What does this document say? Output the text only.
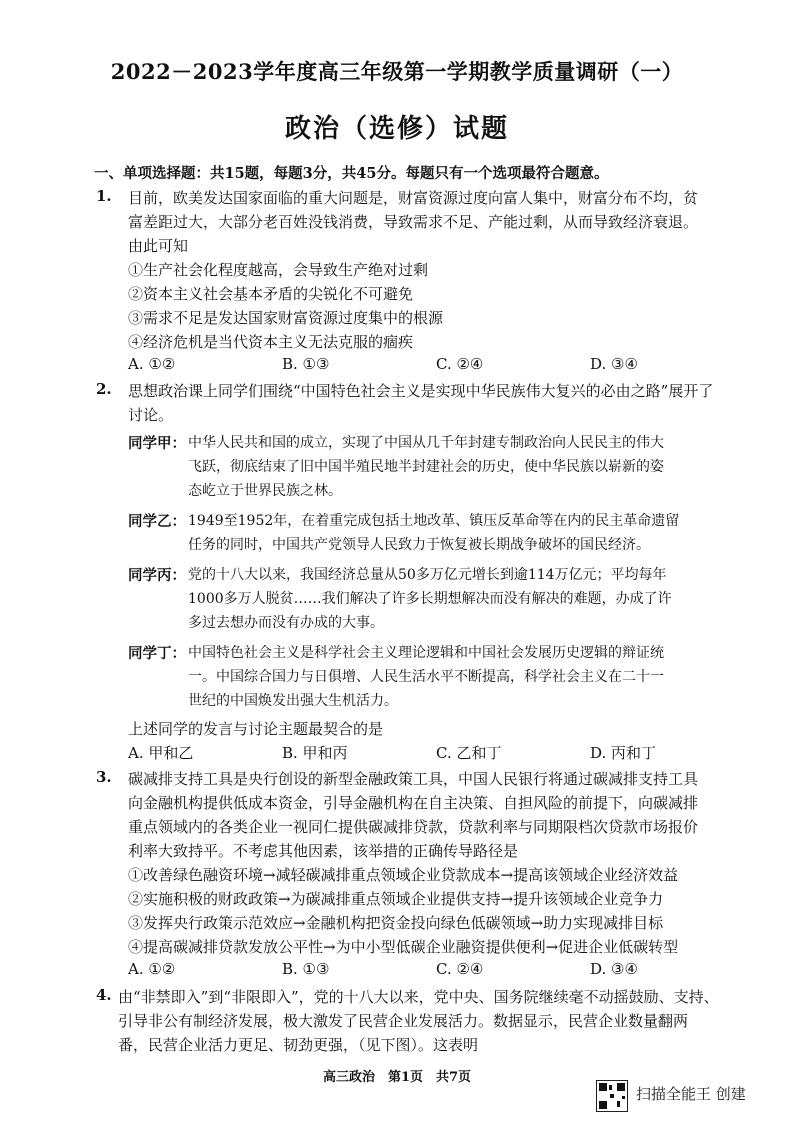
2022－2023学年度高三年级第一学期教学质量调研（一）
政治（选修）试题
一、单项选择题：共15题，每题3分，共45分。每题只有一个选项最符合题意。
1. 目前，欧美发达国家面临的重大问题是，财富资源过度向富人集中，财富分布不均，贫
富差距过大，大部分老百姓没钱消费，导致需求不足、产能过剩，从而导致经济衰退。
由此可知
①生产社会化程度越高，会导致生产绝对过剩
②资本主义社会基本矛盾的尖锐化不可避免
③需求不足是发达国家财富资源过度集中的根源
④经济危机是当代资本主义无法克服的痼疾
A. ①②	B. ①③	C. ②④	D. ③④
2. 思想政治课上同学们围绕“中国特色社会主义是实现中华民族伟大复兴的必由之路”展开了
讨论。
同学甲： 中华人民共和国的成立，实现了中国从几千年封建专制政治向人民民主的伟大
飞跃，彻底结束了旧中国半殖民地半封建社会的历史，使中华民族以崭新的姿
态屹立于世界民族之林。
同学乙： 1949至1952年，在着重完成包括土地改革、镇压反革命等在内的民主革命遗留
任务的同时，中国共产党领导人民致力于恢复被长期战争破坏的国民经济。
同学丙： 党的十八大以来，我国经济总量从50多万亿元增长到逾114万亿元；平均每年
1000多万人脱贫……我们解决了许多长期想解决而没有解决的难题，办成了许
多过去想办而没有办成的大事。
同学丁： 中国特色社会主义是科学社会主义理论逻辑和中国社会发展历史逻辑的辩证统
一。中国综合国力与日俱增、人民生活水平不断提高，科学社会主义在二十一
世纪的中国焕发出强大生机活力。
上述同学的发言与讨论主题最契合的是
A. 甲和乙	B. 甲和丙	C. 乙和丁	D. 丙和丁
3. 碳减排支持工具是央行创设的新型金融政策工具，中国人民银行将通过碳减排支持工具
向金融机构提供低成本资金，引导金融机构在自主决策、自担风险的前提下，向碳减排
重点领域内的各类企业一视同仁提供碳减排贷款，贷款利率与同期限档次贷款市场报价
利率大致持平。不考虑其他因素，该举措的正确传导路径是
①改善绿色融资环境→减轻碳减排重点领域企业贷款成本→提高该领域企业经济效益
②实施积极的财政政策→为碳减排重点领域企业提供支持→提升该领域企业竞争力
③发挥央行政策示范效应→金融机构把资金投向绿色低碳领域→助力实现减排目标
④提高碳减排贷款发放公平性→为中小型低碳企业融资提供便利→促进企业低碳转型
A. ①②	B. ①③	C. ②④	D. ③④
4. 由“非禁即入”到“非限即入”，党的十八大以来，党中央、国务院继续毫不动摇鼓励、支持、
引导非公有制经济发展，极大激发了民营企业发展活力。数据显示，民营企业数量翻两
番，民营企业活力更足、韧劲更强，（见下图）。这表明
高三政治　第1页　共7页
扫描全能王 创建
